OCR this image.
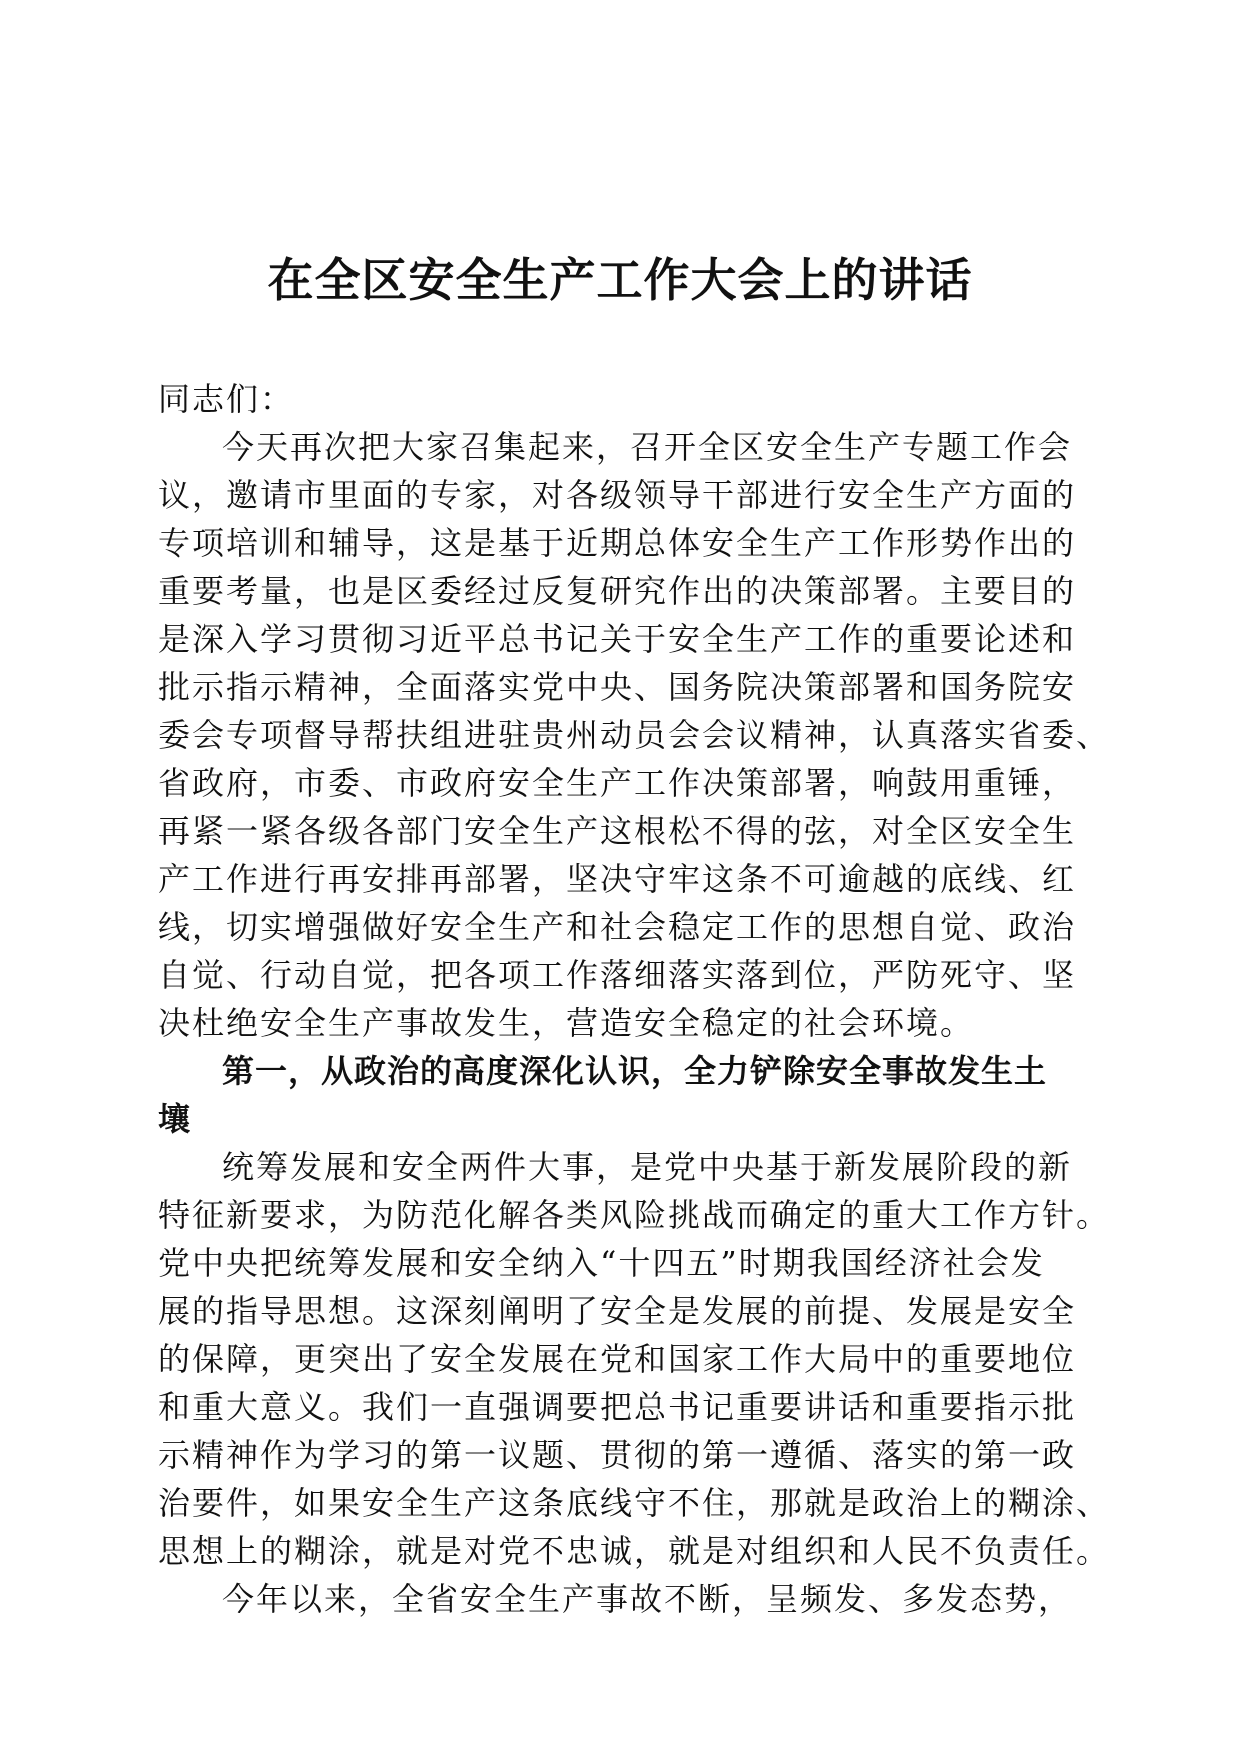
在全区安全生产工作大会上的讲话
同志们：
今天再次把大家召集起来，召开全区安全生产专题工作会
议，邀请市里面的专家，对各级领导干部进行安全生产方面的
专项培训和辅导，这是基于近期总体安全生产工作形势作出的
重要考量，也是区委经过反复研究作出的决策部署。主要目的
是深入学习贯彻习近平总书记关于安全生产工作的重要论述和
批示指示精神，全面落实党中央、国务院决策部署和国务院安
委会专项督导帮扶组进驻贵州动员会会议精神，认真落实省委、
省政府，市委、市政府安全生产工作决策部署，响鼓用重锤，
再紧一紧各级各部门安全生产这根松不得的弦，对全区安全生
产工作进行再安排再部署，坚决守牢这条不可逾越的底线、红
线，切实增强做好安全生产和社会稳定工作的思想自觉、政治
自觉、行动自觉，把各项工作落细落实落到位，严防死守、坚
决杜绝安全生产事故发生，营造安全稳定的社会环境。
第一，从政治的高度深化认识，全力铲除安全事故发生土
壤
统筹发展和安全两件大事，是党中央基于新发展阶段的新
特征新要求，为防范化解各类风险挑战而确定的重大工作方针。
党中央把统筹发展和安全纳入“十四五”时期我国经济社会发
展的指导思想。这深刻阐明了安全是发展的前提、发展是安全
的保障，更突出了安全发展在党和国家工作大局中的重要地位
和重大意义。我们一直强调要把总书记重要讲话和重要指示批
示精神作为学习的第一议题、贯彻的第一遵循、落实的第一政
治要件，如果安全生产这条底线守不住，那就是政治上的糊涂、
思想上的糊涂，就是对党不忠诚，就是对组织和人民不负责任。
今年以来，全省安全生产事故不断，呈频发、多发态势，
